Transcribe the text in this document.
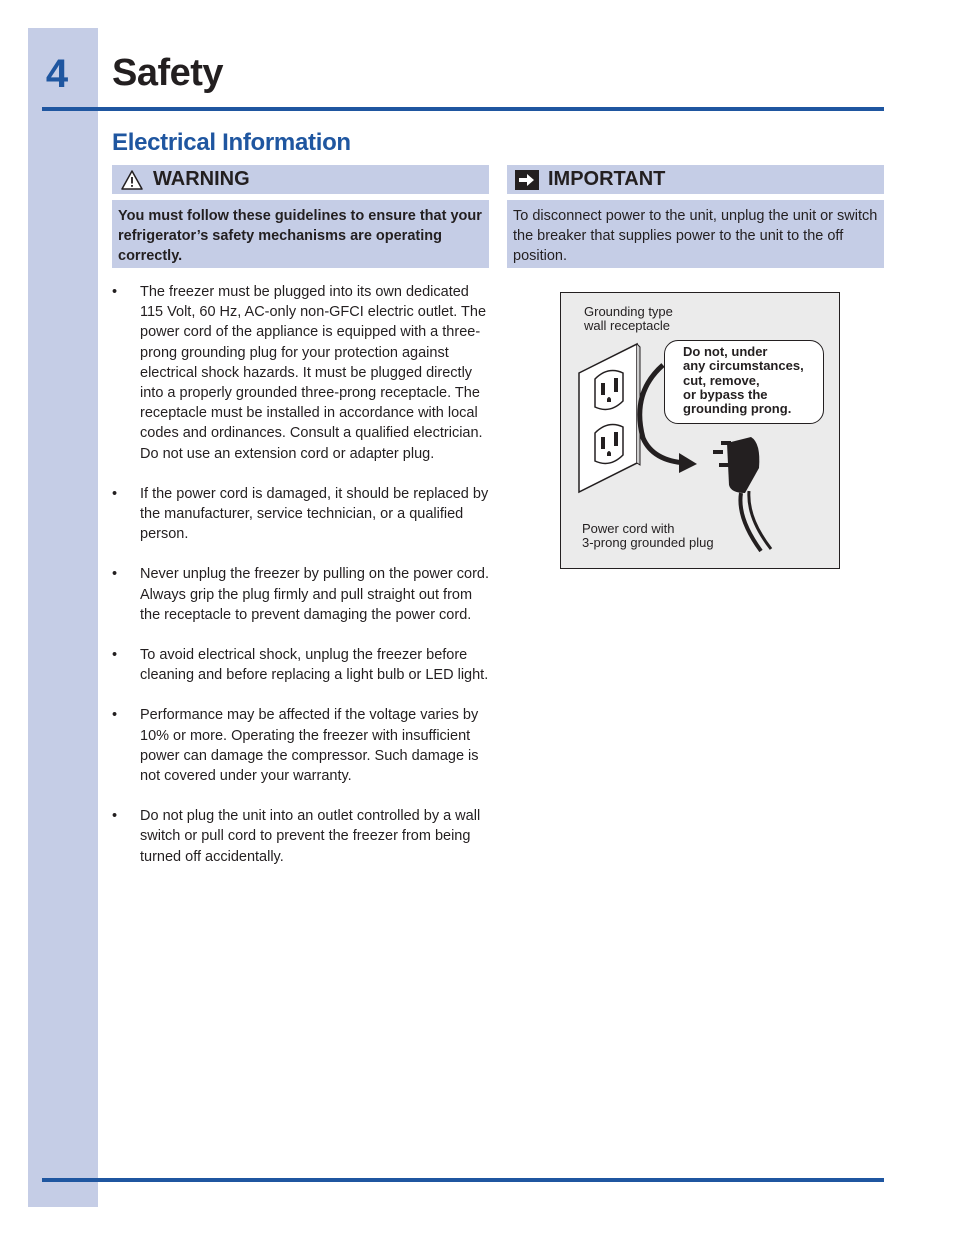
4	Safety
Electrical Information
WARNING
You must follow these guidelines to ensure that your refrigerator’s safety mechanisms are operating correctly.
IMPORTANT
To disconnect power to the unit, unplug the unit or switch the breaker that supplies power to the unit to the off position.
• The freezer must be plugged into its own dedicated 115 Volt, 60 Hz, AC-only non-GFCI electric outlet. The power cord of the appliance is equipped with a three-prong grounding plug for your protection against electrical shock hazards. It must be plugged directly into a properly grounded three-prong receptacle. The receptacle must be installed in accordance with local codes and ordinances. Consult a qualified electrician. Do not use an extension cord or adapter plug.
• If the power cord is damaged, it should be replaced by the manufacturer, service technician, or a qualified person.
• Never unplug the freezer by pulling on the power cord. Always grip the plug firmly and pull straight out from the receptacle to prevent damaging the power cord.
• To avoid electrical shock, unplug the freezer before cleaning and before replacing a light bulb or LED light.
• Performance may be affected if the voltage varies by 10% or more. Operating the freezer with insufficient power can damage the compressor. Such damage is not covered under your warranty.
• Do not plug the unit into an outlet controlled by a wall switch or pull cord to prevent the freezer from being turned off accidentally.
Grounding type
wall receptacle
Do not, under
any circumstances,
cut, remove,
or bypass the
grounding prong.
Power cord with
3-prong grounded plug
